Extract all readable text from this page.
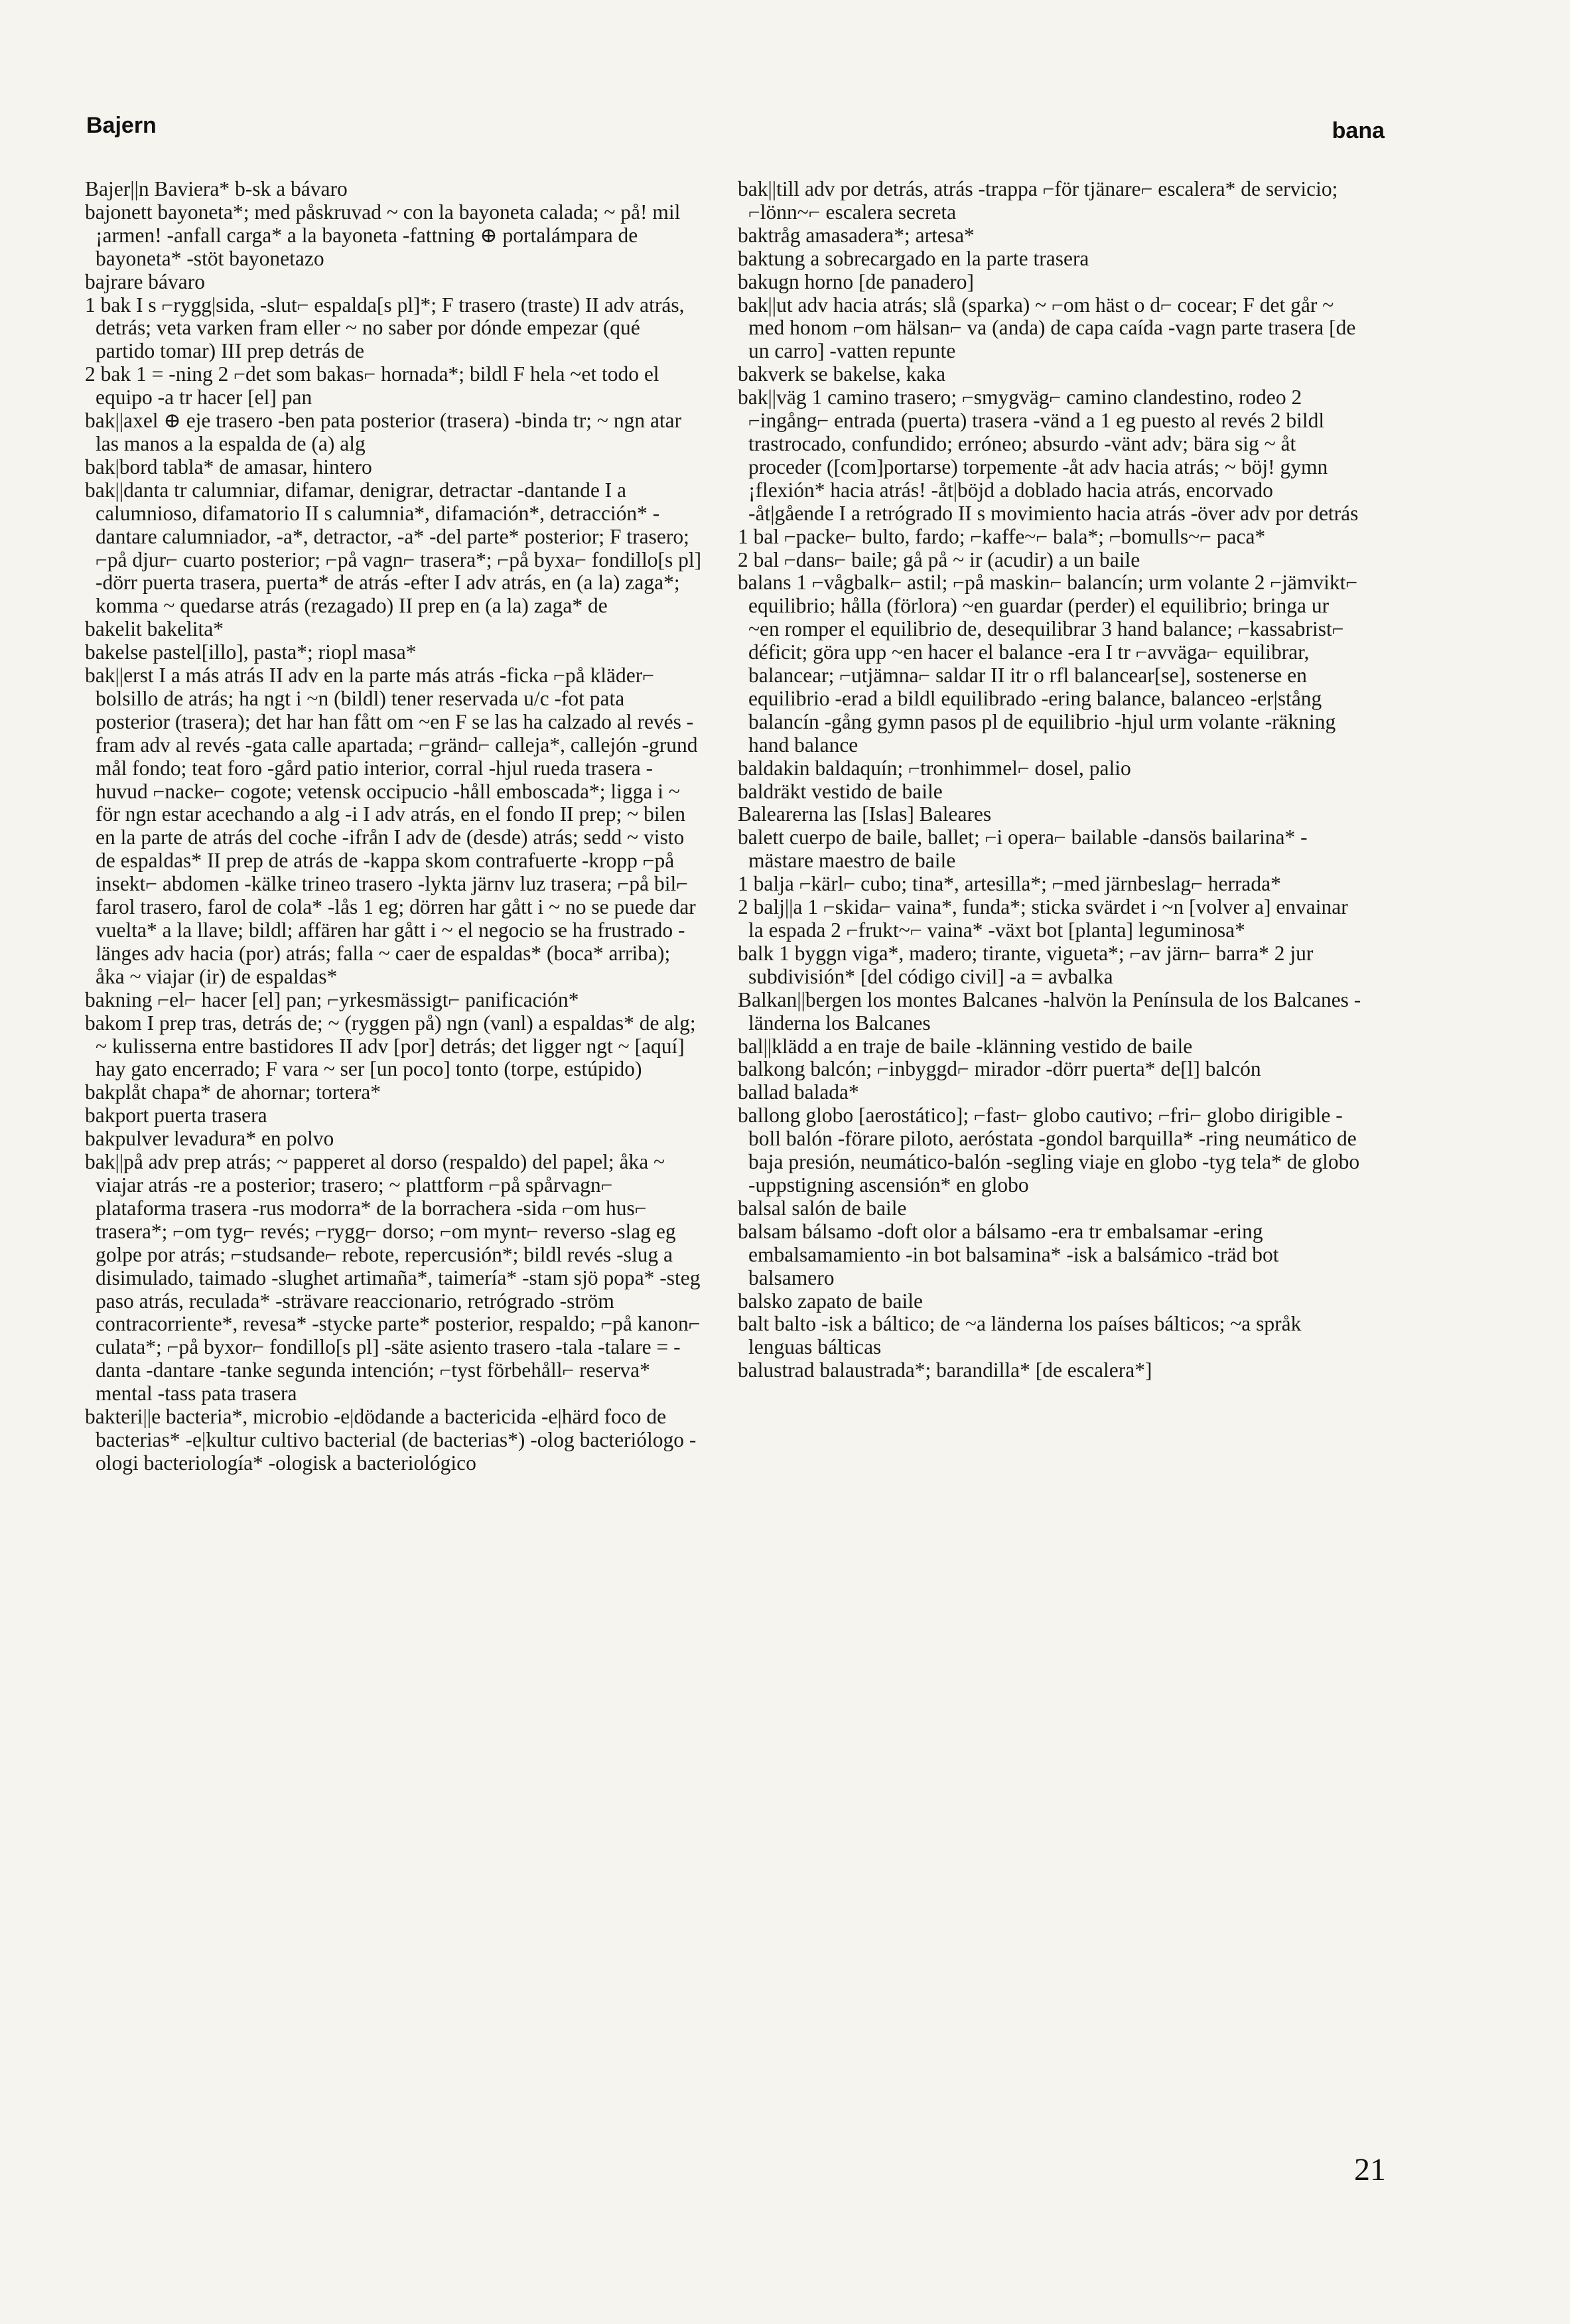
Bajern	bana

Bajer||n Baviera* b-sk a bávaro

bajonett bayoneta*; med påskruvad ~ con la bayoneta calada; ~ på! mil ¡armen! -anfall carga* a la bayoneta -fattning ⊕ portalámpara de bayoneta* -stöt bayonetazo

bajrare bávaro

1 bak I s ⌐rygg|sida, -slut⌐ espalda[s pl]*; F trasero (traste) II adv atrás, detrás; veta varken fram eller ~ no saber por dónde empezar (qué partido tomar) III prep detrás de

2 bak 1 = -ning 2 ⌐det som bakas⌐ hornada*; bildl F hela ~et todo el equipo -a tr hacer [el] pan

bak||axel ⊕ eje trasero -ben pata posterior (trasera) -binda tr; ~ ngn atar las manos a la espalda de (a) alg

bak|bord tabla* de amasar, hintero

bak||danta tr calumniar, difamar, denigrar, detractar -dantande I a calumnioso, difamatorio II s calumnia*, difamación*, detracción* -dantare calumniador, -a*, detractor, -a* -del parte* posterior; F trasero; ⌐på djur⌐ cuarto posterior; ⌐på vagn⌐ trasera*; ⌐på byxa⌐ fondillo[s pl] -dörr puerta trasera, puerta* de atrás -efter I adv atrás, en (a la) zaga*; komma ~ quedarse atrás (rezagado) II prep en (a la) zaga* de

bakelit bakelita*

bakelse pastel[illo], pasta*; riopl masa*

bak||erst I a más atrás II adv en la parte más atrás -ficka ⌐på kläder⌐ bolsillo de atrás; ha ngt i ~n (bildl) tener reservada u/c -fot pata posterior (trasera); det har han fått om ~en F se las ha calzado al revés -fram adv al revés -gata calle apartada; ⌐gränd⌐ calleja*, callejón -grund mål fondo; teat foro -gård patio interior, corral -hjul rueda trasera -huvud ⌐nacke⌐ cogote; vetensk occipucio -håll emboscada*; ligga i ~ för ngn estar acechando a alg -i I adv atrás, en el fondo II prep; ~ bilen en la parte de atrás del coche -ifrån I adv de (desde) atrás; sedd ~ visto de espaldas* II prep de atrás de -kappa skom contrafuerte -kropp ⌐på insekt⌐ abdomen -kälke trineo trasero -lykta järnv luz trasera; ⌐på bil⌐ farol trasero, farol de cola* -lås 1 eg; dörren har gått i ~ no se puede dar vuelta* a la llave; bildl; affären har gått i ~ el negocio se ha frustrado -länges adv hacia (por) atrás; falla ~ caer de espaldas* (boca* arriba); åka ~ viajar (ir) de espaldas*

bakning ⌐el⌐ hacer [el] pan; ⌐yrkesmässigt⌐ panificación*

bakom I prep tras, detrás de; ~ (ryggen på) ngn (vanl) a espaldas* de alg; ~ kulisserna entre bastidores II adv [por] detrás; det ligger ngt ~ [aquí] hay gato encerrado; F vara ~ ser [un poco] tonto (torpe, estúpido)

bakplåt chapa* de ahornar; tortera*

bakport puerta trasera

bakpulver levadura* en polvo

bak||på adv prep atrás; ~ papperet al dorso (respaldo) del papel; åka ~ viajar atrás -re a posterior; trasero; ~ plattform ⌐på spårvagn⌐ plataforma trasera -rus modorra* de la borrachera -sida ⌐om hus⌐ trasera*; ⌐om tyg⌐ revés; ⌐rygg⌐ dorso; ⌐om mynt⌐ reverso -slag eg golpe por atrás; ⌐studsande⌐ rebote, repercusión*; bildl revés -slug a disimulado, taimado -slughet artimaña*, taimería* -stam sjö popa* -steg paso atrás, reculada* -strävare reaccionario, retrógrado -ström contracorriente*, revesa* -stycke parte* posterior, respaldo; ⌐på kanon⌐ culata*; ⌐på byxor⌐ fondillo[s pl] -säte asiento trasero -tala -talare = -danta -dantare -tanke segunda intención; ⌐tyst förbehåll⌐ reserva* mental -tass pata trasera

bakteri||e bacteria*, microbio -e|dödande a bactericida -e|härd foco de bacterias* -e|kultur cultivo bacterial (de bacterias*) -olog bacteriólogo -ologi bacteriología* -ologisk a bacteriológico

bak||till adv por detrás, atrás -trappa ⌐för tjänare⌐ escalera* de servicio; ⌐lönn~⌐ escalera secreta

baktråg amasadera*; artesa*

baktung a sobrecargado en la parte trasera

bakugn horno [de panadero]

bak||ut adv hacia atrás; slå (sparka) ~ ⌐om häst o d⌐ cocear; F det går ~ med honom ⌐om hälsan⌐ va (anda) de capa caída -vagn parte trasera [de un carro] -vatten repunte

bakverk se bakelse, kaka

bak||väg 1 camino trasero; ⌐smygväg⌐ camino clandestino, rodeo 2 ⌐ingång⌐ entrada (puerta) trasera -vänd a 1 eg puesto al revés 2 bildl trastrocado, confundido; erróneo; absurdo -vänt adv; bära sig ~ åt proceder ([com]portarse) torpemente -åt adv hacia atrás; ~ böj! gymn ¡flexión* hacia atrás! -åt|böjd a doblado hacia atrás, encorvado -åt|gående I a retrógrado II s movimiento hacia atrás -över adv por detrás

1 bal ⌐packe⌐ bulto, fardo; ⌐kaffe~⌐ bala*; ⌐bomulls~⌐ paca*

2 bal ⌐dans⌐ baile; gå på ~ ir (acudir) a un baile

balans 1 ⌐vågbalk⌐ astil; ⌐på maskin⌐ balancín; urm volante 2 ⌐jämvikt⌐ equilibrio; hålla (förlora) ~en guardar (perder) el equilibrio; bringa ur ~en romper el equilibrio de, desequilibrar 3 hand balance; ⌐kassabrist⌐ déficit; göra upp ~en hacer el balance -era I tr ⌐avväga⌐ equilibrar, balancear; ⌐utjämna⌐ saldar II itr o rfl balancear[se], sostenerse en equilibrio -erad a bildl equilibrado -ering balance, balanceo -er|stång balancín -gång gymn pasos pl de equilibrio -hjul urm volante -räkning hand balance

baldakin baldaquín; ⌐tronhimmel⌐ dosel, palio

baldräkt vestido de baile

Balearerna las [Islas] Baleares

balett cuerpo de baile, ballet; ⌐i opera⌐ bailable -dansös bailarina* -mästare maestro de baile

1 balja ⌐kärl⌐ cubo; tina*, artesilla*; ⌐med järnbeslag⌐ herrada*

2 balj||a 1 ⌐skida⌐ vaina*, funda*; sticka svärdet i ~n [volver a] envainar la espada 2 ⌐frukt~⌐ vaina* -växt bot [planta] leguminosa*

balk 1 byggn viga*, madero; tirante, vigueta*; ⌐av järn⌐ barra* 2 jur subdivisión* [del código civil] -a = avbalka

Balkan||bergen los montes Balcanes -halvön la Península de los Balcanes -länderna los Balcanes

bal||klädd a en traje de baile -klänning vestido de baile

balkong balcón; ⌐inbyggd⌐ mirador -dörr puerta* de[l] balcón

ballad balada*

ballong globo [aerostático]; ⌐fast⌐ globo cautivo; ⌐fri⌐ globo dirigible -boll balón -förare piloto, aeróstata -gondol barquilla* -ring neumático de baja presión, neumático-balón -segling viaje en globo -tyg tela* de globo -uppstigning ascensión* en globo

balsal salón de baile

balsam bálsamo -doft olor a bálsamo -era tr embalsamar -ering embalsamamiento -in bot balsamina* -isk a balsámico -träd bot balsamero

balsko zapato de baile

balt balto -isk a báltico; de ~a länderna los países bálticos; ~a språk lenguas bálticas

balustrad balaustrada*; barandilla* [de escalera*]

21
